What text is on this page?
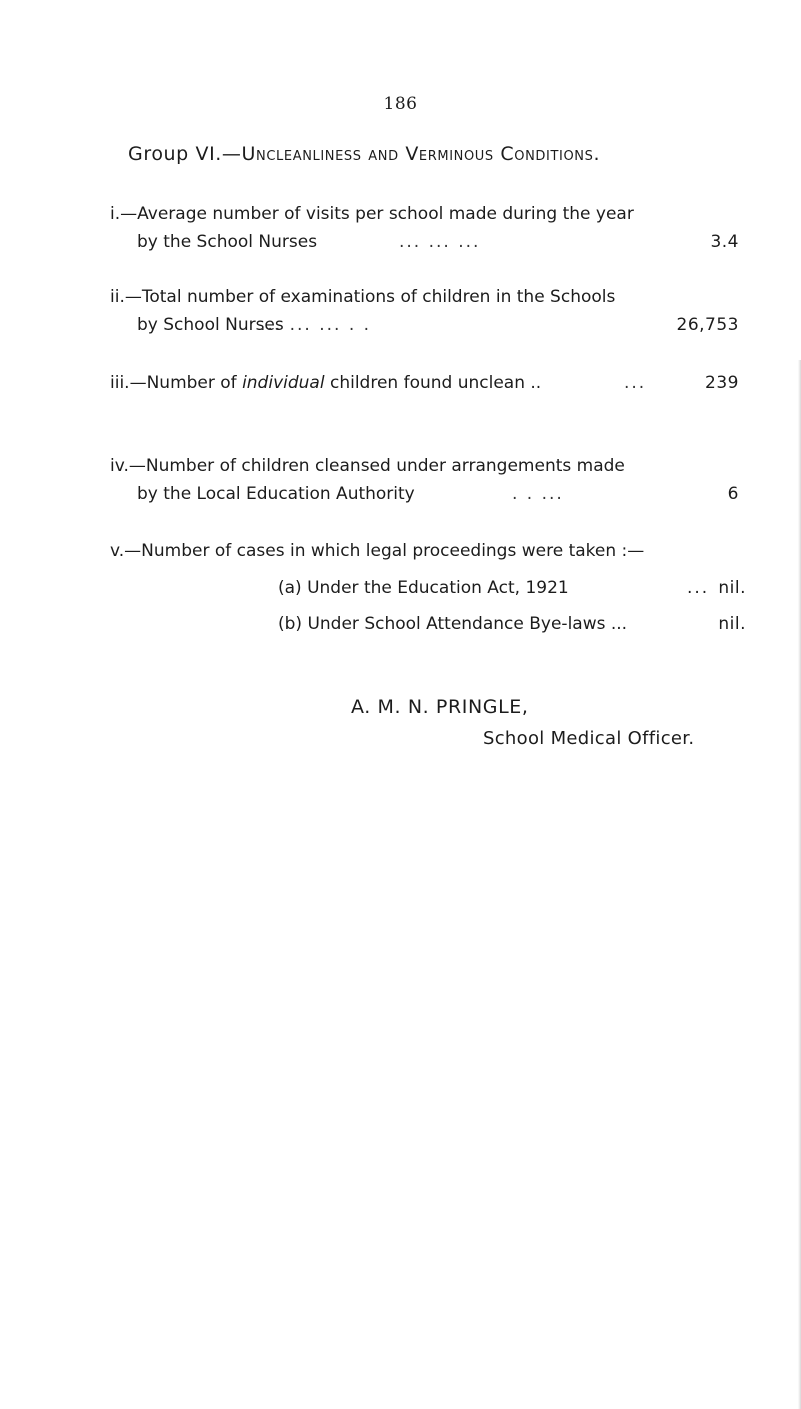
186
Group VI.—Uncleanliness and Verminous Conditions.
i.—Average number of visits per school made during the year
by the School Nurses	... ... ...	3.4
ii.—Total number of examinations of children in the Schools
by School Nurses
... ... ... . .	26,753
iii.—Number of individual children found unclean ..	...	239
iv.—Number of children cleansed under arrangements made
by the Local Education Authority	. . ...	6
v.—Number of cases in which legal proceedings were taken :—
(a) Under the Education Act, 1921	... nil.
(b) Under School Attendance Bye-laws ...	nil.
A. M. N. PRINGLE,
School Medical Officer.
